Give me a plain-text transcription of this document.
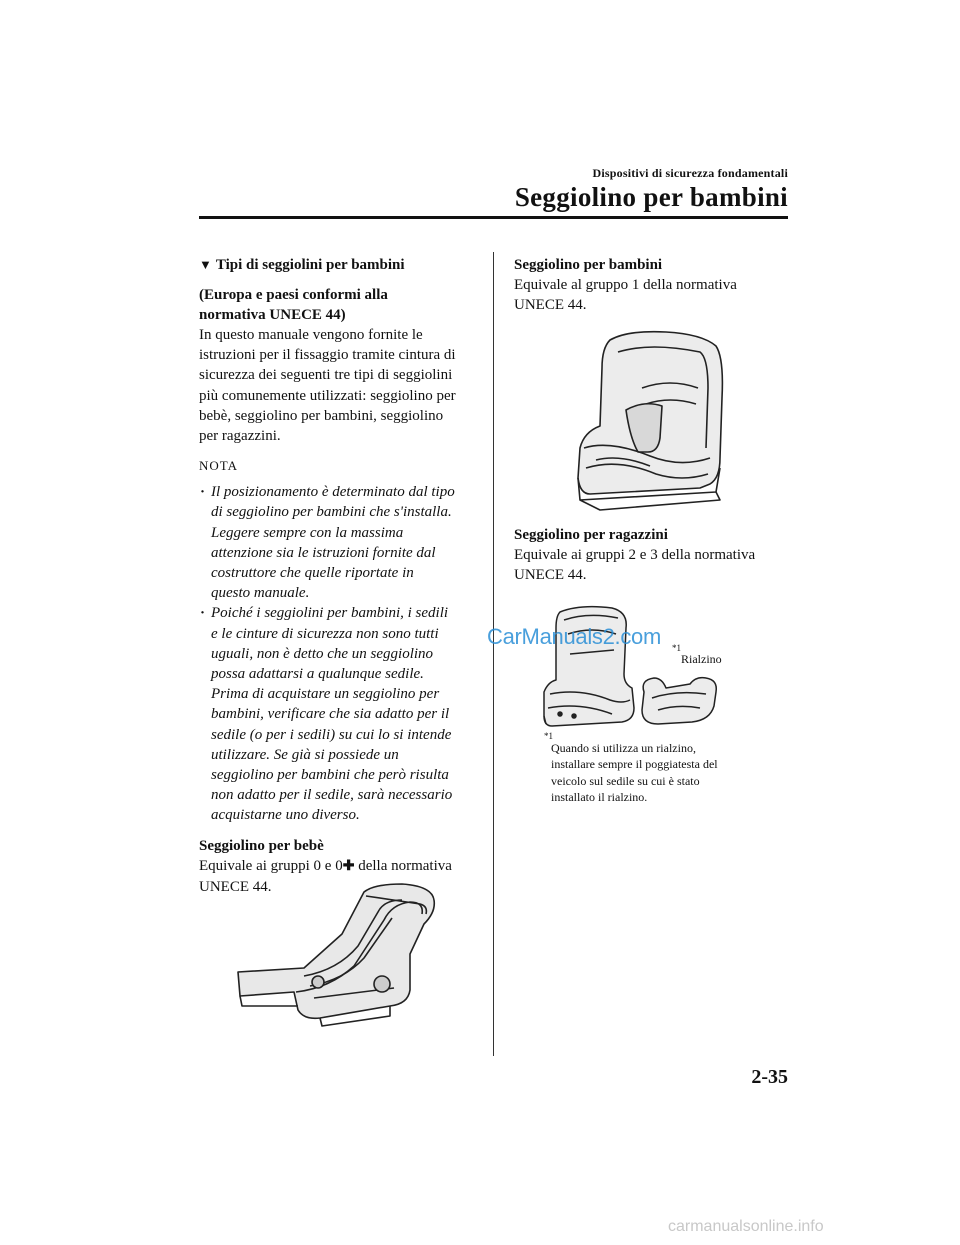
Dispositivi di sicurezza fondamentali
Seggiolino per bambini
▼ Tipi di seggiolini per bambini
(Europa e paesi conformi alla
normativa UNECE 44)
In questo manuale vengono fornite le
istruzioni per il fissaggio tramite cintura di
sicurezza dei seguenti tre tipi di seggiolini
più comunemente utilizzati: seggiolino per
bebè, seggiolino per bambini, seggiolino
per ragazzini.
NOTA
· Il posizionamento è determinato dal tipo
di seggiolino per bambini che s'installa.
Leggere sempre con la massima
attenzione sia le istruzioni fornite dal
costruttore che quelle riportate in
questo manuale.
· Poiché i seggiolini per bambini, i sedili
e le cinture di sicurezza non sono tutti
uguali, non è detto che un seggiolino
possa adattarsi a qualunque sedile.
Prima di acquistare un seggiolino per
bambini, verificare che sia adatto per il
sedile (o per i sedili) su cui lo si intende
utilizzare. Se già si possiede un
seggiolino per bambini che però risulta
non adatto per il sedile, sarà necessario
acquistarne uno diverso.
Seggiolino per bebè
Equivale ai gruppi 0 e 0✚ della normativa
UNECE 44.
Seggiolino per bambini
Equivale al gruppo 1 della normativa
UNECE 44.
Seggiolino per ragazzini
Equivale ai gruppi 2 e 3 della normativa
UNECE 44.
*1
Rialzino
*1
Quando si utilizza un rialzino,
installare sempre il poggiatesta del
veicolo sul sedile su cui è stato
installato il rialzino.
CarManuals2.com
2-35
carmanualsonline.info
